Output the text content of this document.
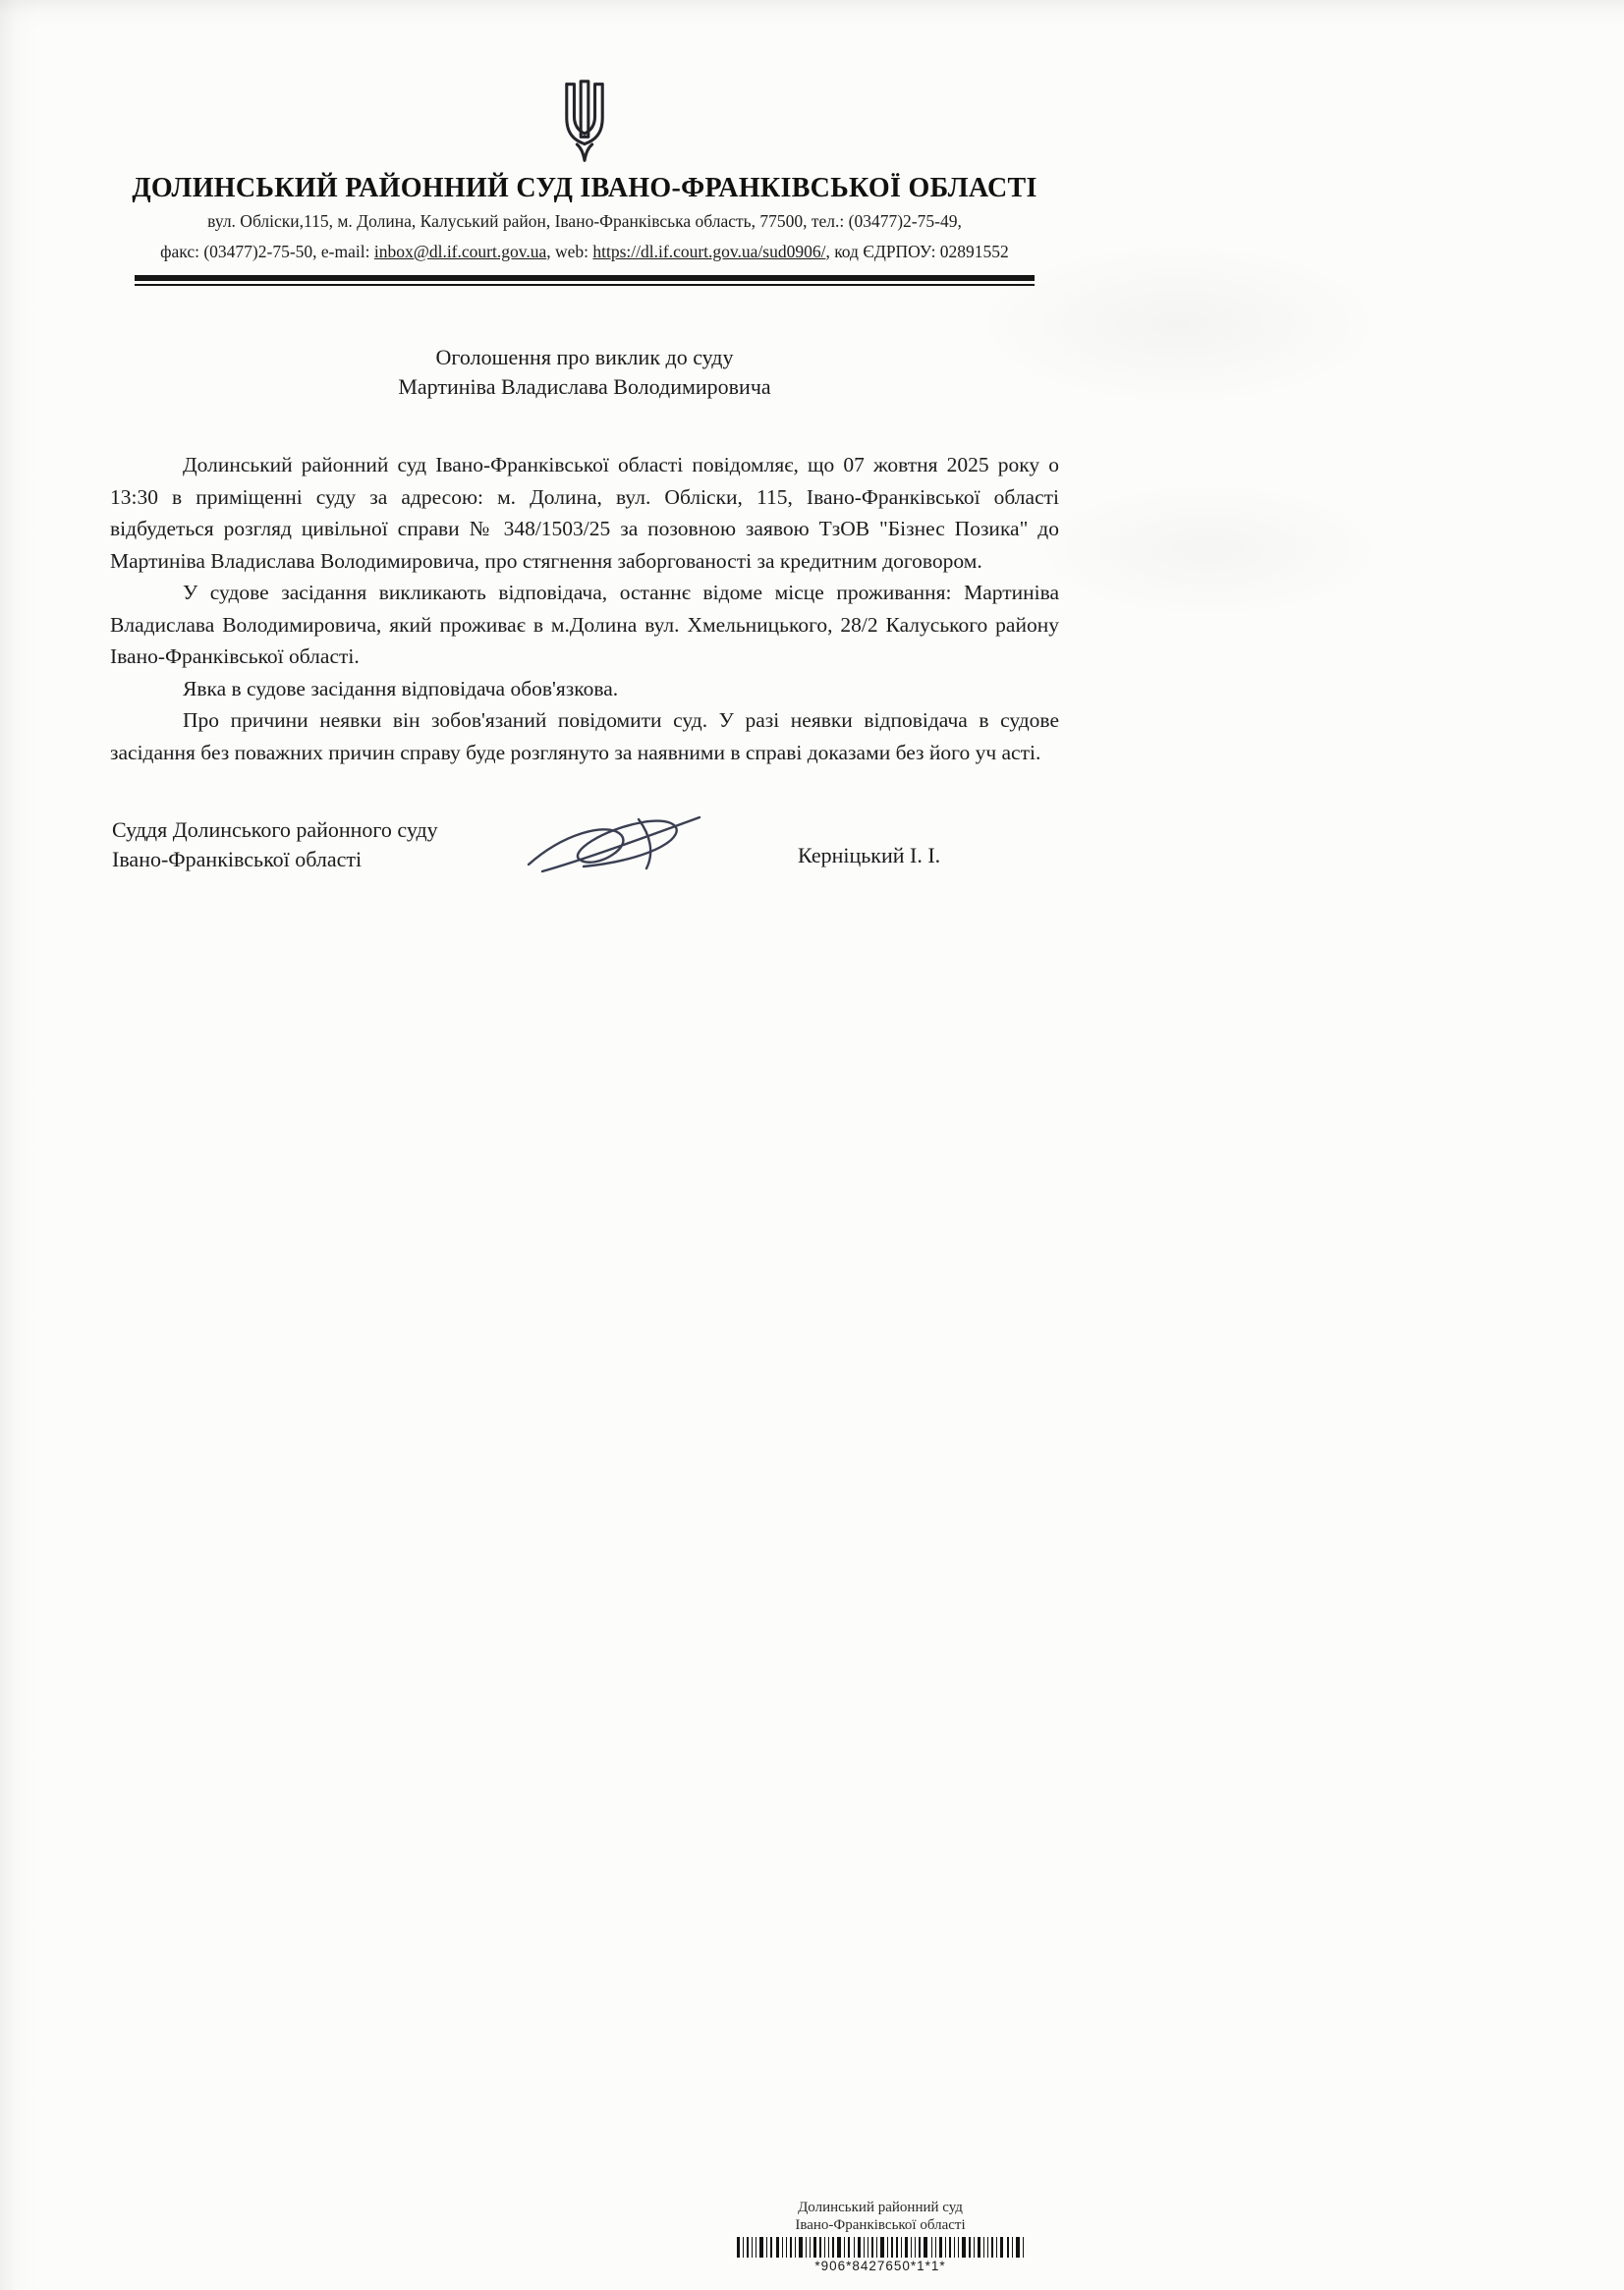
ДОЛИНСЬКИЙ РАЙОННИЙ СУД ІВАНО-ФРАНКІВСЬКОЇ ОБЛАСТІ
вул. Обліски,115, м. Долина, Калуський район, Івано-Франківська область, 77500, тел.: (03477)2-75-49,
факс: (03477)2-75-50, e-mail: inbox@dl.if.court.gov.ua, web: https://dl.if.court.gov.ua/sud0906/, код ЄДРПОУ: 02891552
Оголошення про виклик до суду
Мартиніва Владислава Володимировича

Долинський районний суд Івано-Франківської області повідомляє, що 07 жовтня 2025 року о 13:30 в приміщенні суду за адресою: м. Долина, вул. Обліски, 115, Івано-Франківської області відбудеться розгляд цивільної справи № 348/1503/25 за позовною заявою ТзОВ "Бізнес Позика" до Мартиніва Владислава Володимировича, про стягнення заборгованості за кредитним договором.

У судове засідання викликають відповідача, останнє відоме місце проживання: Мартиніва Владислава Володимировича, який проживає в м.Долина вул. Хмельницького, 28/2 Калуського району Івано-Франківської області.

Явка в судове засідання відповідача обов'язкова.

Про причини неявки він зобов'язаний повідомити суд. У разі неявки відповідача в судове засідання без поважних причин справу буде розглянуто за наявними в справі доказами без його уч асті.

Суддя Долинського районного суду
Івано-Франківської області	Керніцький І. І.
Долинський районний суд
Івано-Франківської області
*906*8427650*1*1*
